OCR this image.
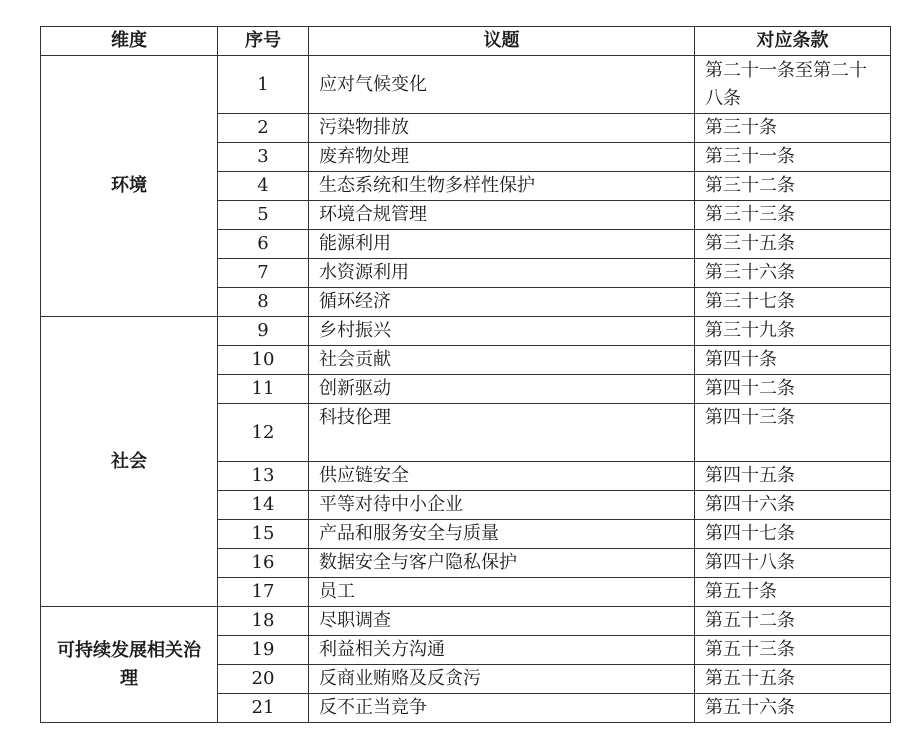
维度	序号	议题	对应条款
环境	1	应对气候变化	第二十一条至第二十八条
	2	污染物排放	第三十条
	3	废弃物处理	第三十一条
	4	生态系统和生物多样性保护	第三十二条
	5	环境合规管理	第三十三条
	6	能源利用	第三十五条
	7	水资源利用	第三十六条
	8	循环经济	第三十七条
社会	9	乡村振兴	第三十九条
	10	社会贡献	第四十条
	11	创新驱动	第四十二条
	12	科技伦理	第四十三条
	13	供应链安全	第四十五条
	14	平等对待中小企业	第四十六条
	15	产品和服务安全与质量	第四十七条
	16	数据安全与客户隐私保护	第四十八条
	17	员工	第五十条
可持续发展相关治理	18	尽职调查	第五十二条
	19	利益相关方沟通	第五十三条
	20	反商业贿赂及反贪污	第五十五条
	21	反不正当竞争	第五十六条
